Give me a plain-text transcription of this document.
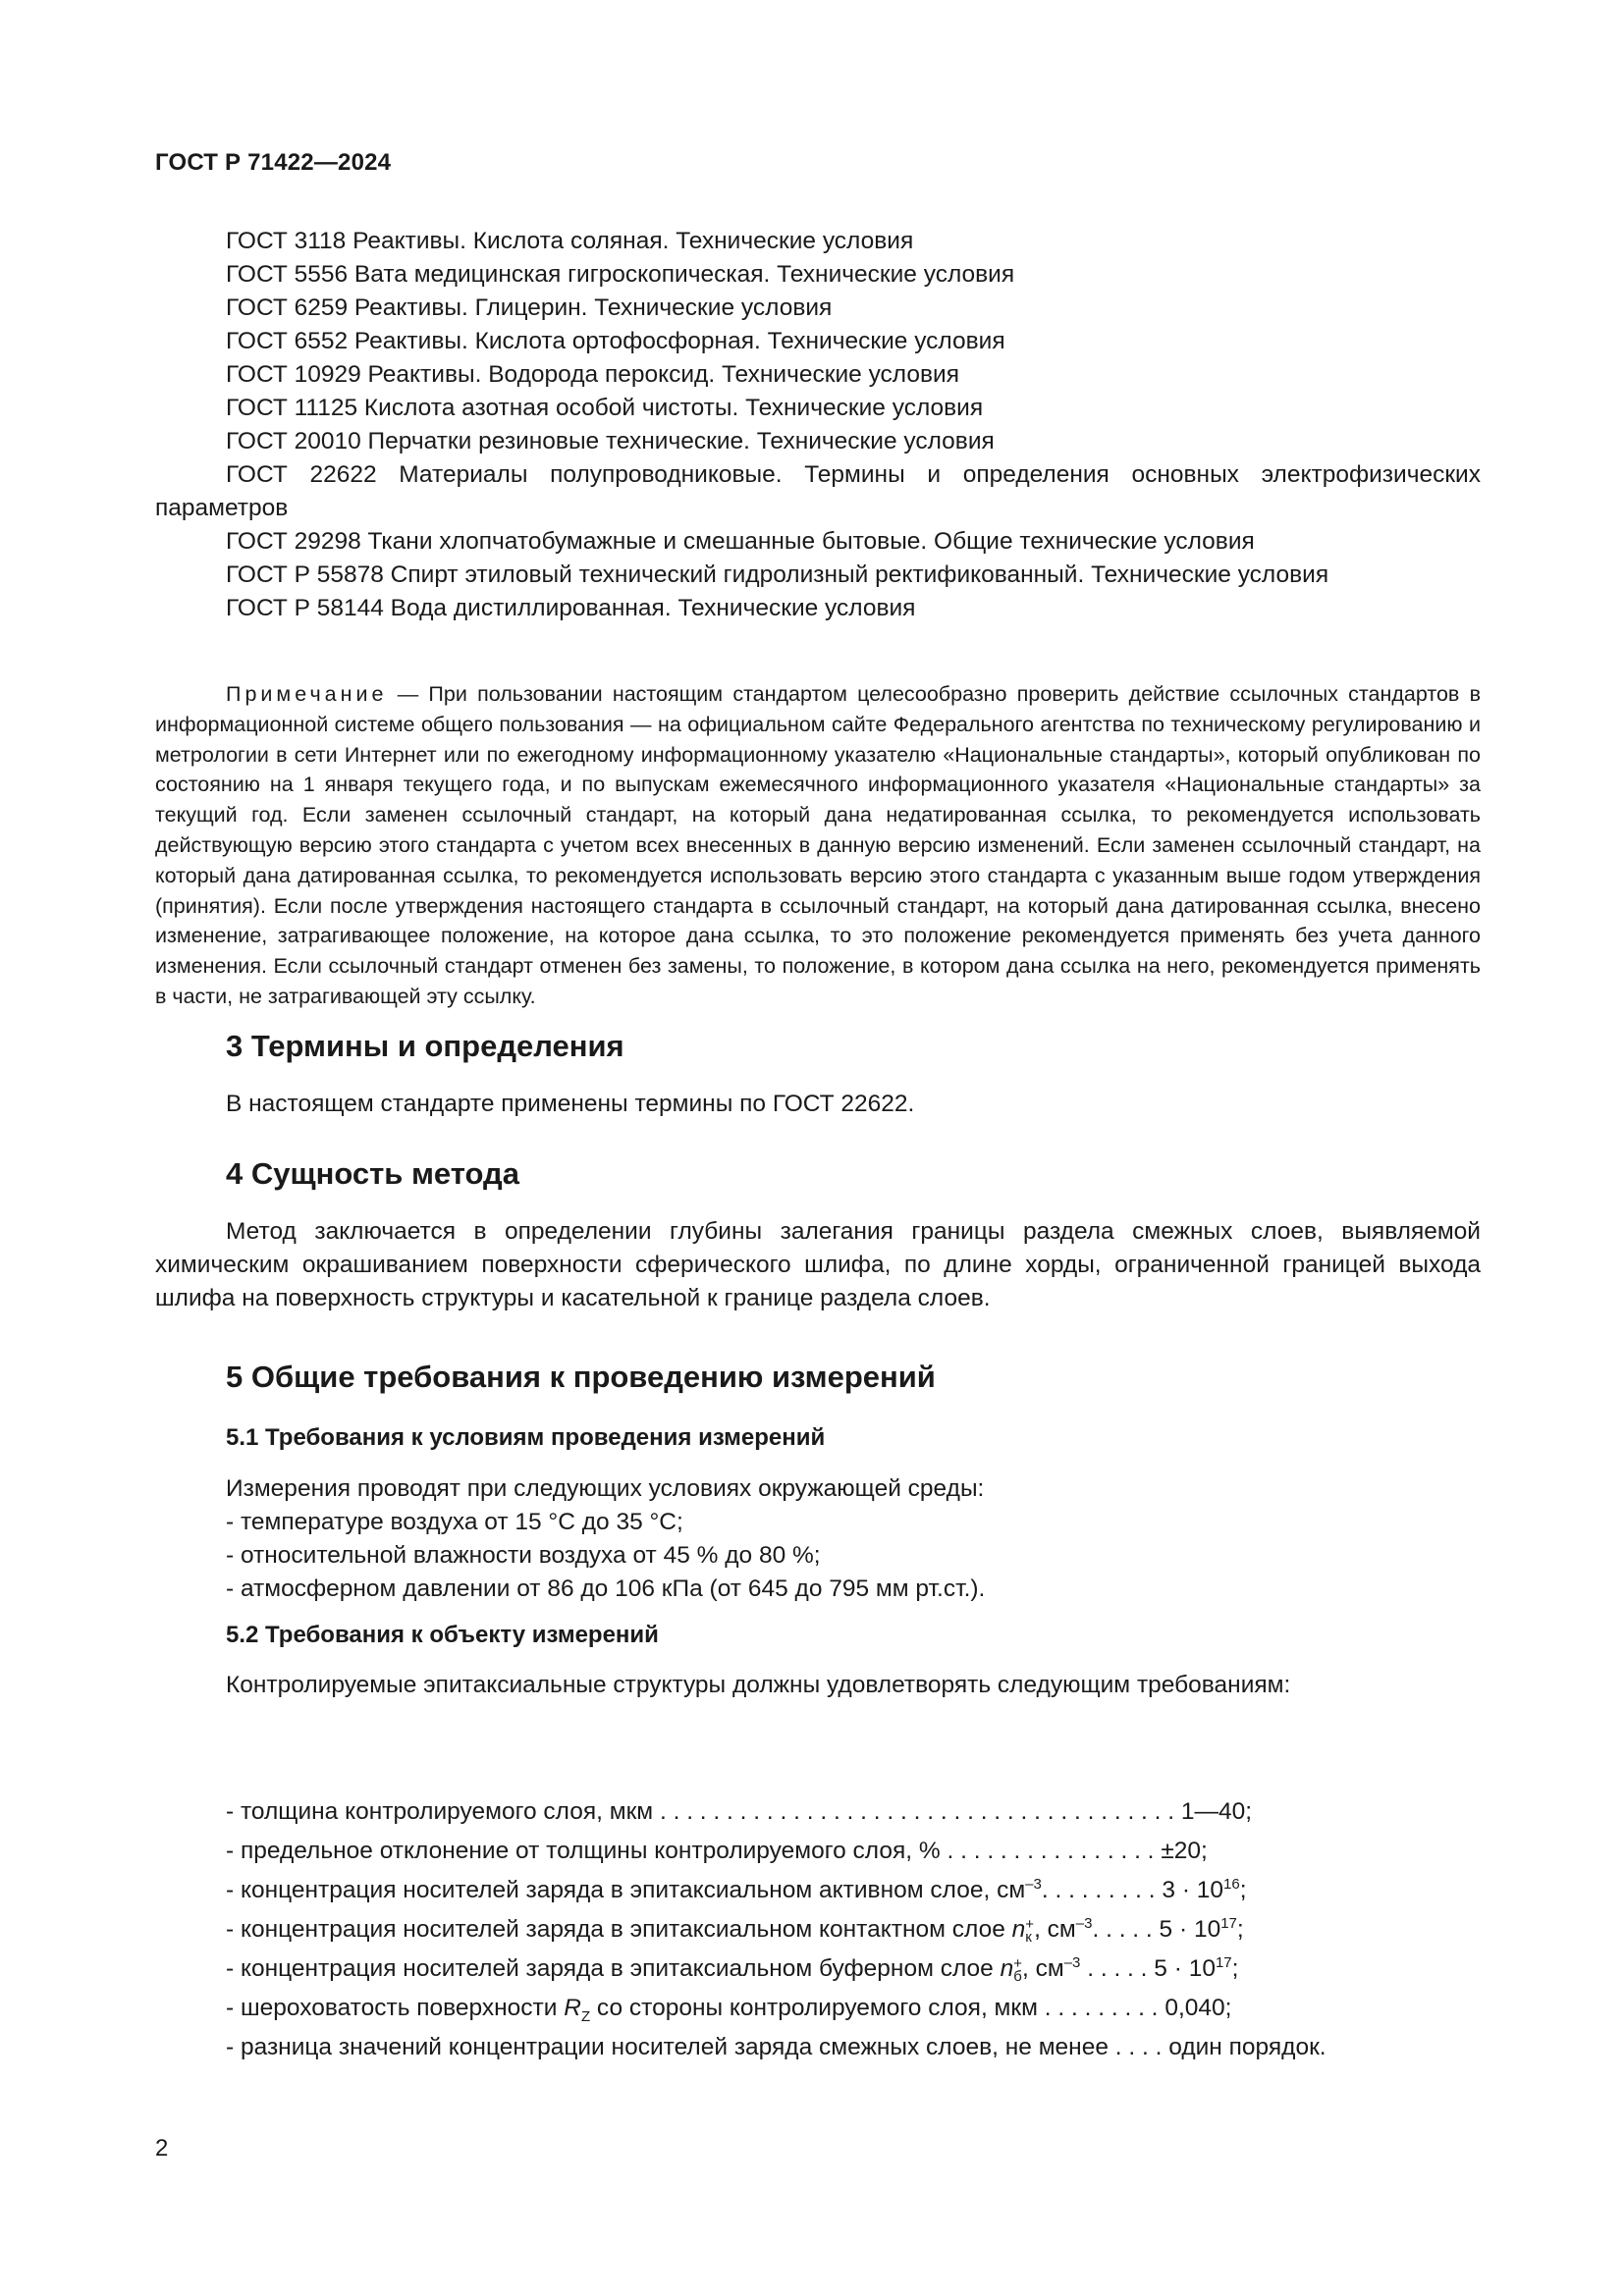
ГОСТ Р 71422—2024

ГОСТ 3118 Реактивы. Кислота соляная. Технические условия

ГОСТ 5556 Вата медицинская гигроскопическая. Технические условия

ГОСТ 6259 Реактивы. Глицерин. Технические условия

ГОСТ 6552 Реактивы. Кислота ортофосфорная. Технические условия

ГОСТ 10929 Реактивы. Водорода пероксид. Технические условия

ГОСТ 11125 Кислота азотная особой чистоты. Технические условия

ГОСТ 20010 Перчатки резиновые технические. Технические условия

ГОСТ 22622 Материалы полупроводниковые. Термины и определения основных электрофизических параметров

ГОСТ 29298 Ткани хлопчатобумажные и смешанные бытовые. Общие технические условия

ГОСТ Р 55878 Спирт этиловый технический гидролизный ректификованный. Технические условия

ГОСТ Р 58144 Вода дистиллированная. Технические условия

Примечание — При пользовании настоящим стандартом целесообразно проверить действие ссылочных стандартов в информационной системе общего пользования — на официальном сайте Федерального агентства по техническому регулированию и метрологии в сети Интернет или по ежегодному информационному указателю «Национальные стандарты», который опубликован по состоянию на 1 января текущего года, и по выпускам ежемесячного информационного указателя «Национальные стандарты» за текущий год. Если заменен ссылочный стандарт, на который дана недатированная ссылка, то рекомендуется использовать действующую версию этого стандарта с учетом всех внесенных в данную версию изменений. Если заменен ссылочный стандарт, на который дана датированная ссылка, то рекомендуется использовать версию этого стандарта с указанным выше годом утверждения (принятия). Если после утверждения настоящего стандарта в ссылочный стандарт, на который дана датированная ссылка, внесено изменение, затрагивающее положение, на которое дана ссылка, то это положение рекомендуется применять без учета данного изменения. Если ссылочный стандарт отменен без замены, то положение, в котором дана ссылка на него, рекомендуется применять в части, не затрагивающей эту ссылку.
3 Термины и определения
В настоящем стандарте применены термины по ГОСТ 22622.
4 Сущность метода
Метод заключается в определении глубины залегания границы раздела смежных слоев, выявляемой химическим окрашиванием поверхности сферического шлифа, по длине хорды, ограниченной границей выхода шлифа на поверхность структуры и касательной к границе раздела слоев.
5 Общие требования к проведению измерений
5.1 Требования к условиям проведения измерений
Измерения проводят при следующих условиях окружающей среды:
- температуре воздуха от 15 °С до 35 °С;
- относительной влажности воздуха от 45 % до 80 %;
- атмосферном давлении от 86 до 106 кПа (от 645 до 795 мм рт.ст.).
5.2 Требования к объекту измерений
Контролируемые эпитаксиальные структуры должны удовлетворять следующим требованиям:
- толщина контролируемого слоя, мкм . . . . . . . . . . . . . . . . . . . . . . . . . . . . . . . . . . . . . . . 1—40;
- предельное отклонение от толщины контролируемого слоя, % . . . . . . . . . . . . . . . . ±20;
- концентрация носителей заряда в эпитаксиальном активном слое, $см^{-3}$. . . . . . . . . $3 \cdot 10^{16}$;
- концентрация носителей заряда в эпитаксиальном контактном слое n +
к , $см^{-3}$. . . . . $5 \cdot 10^{17}$;
- концентрация носителей заряда в эпитаксиальном буферном слое n +
б , $см^{-3}$ . . . . . $5 \cdot 10^{17}$;
- шероховатость поверхности $R_Z$ со стороны контролируемого слоя, мкм . . . . . . . . . 0,040;
- разница значений концентрации носителей заряда смежных слоев, не менее . . . . один порядок.
2
